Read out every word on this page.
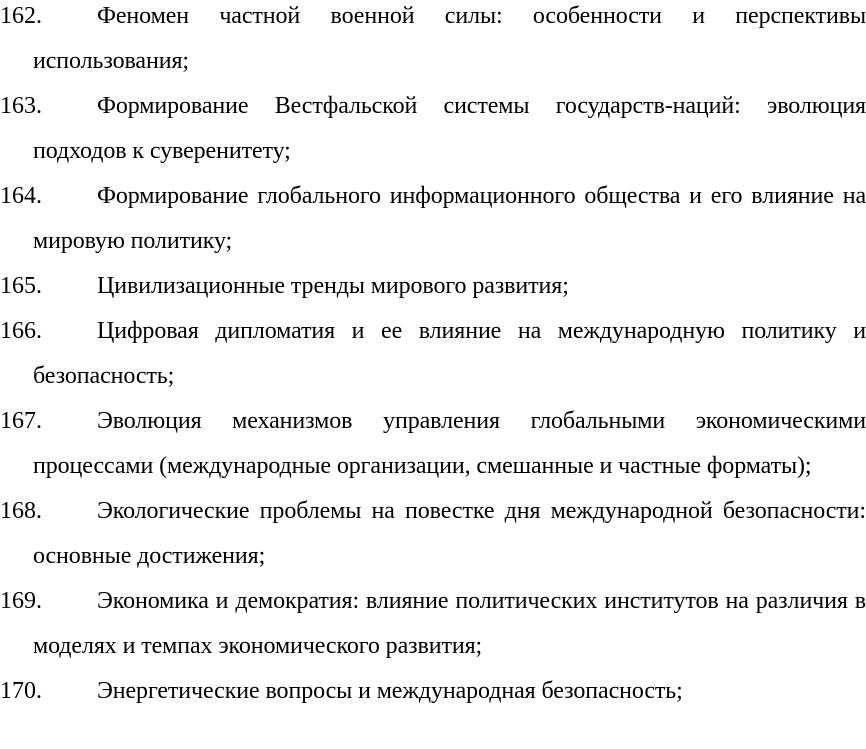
162.	Феномен частной военной силы: особенности и перспективы использования;

163.	Формирование Вестфальской системы государств-наций: эволюция подходов к суверенитету;

164.	Формирование глобального информационного общества и его влияние на мировую политику;

165.	Цивилизационные тренды мирового развития;

166.	Цифровая дипломатия и ее влияние на международную политику и безопасность;

167.	Эволюция механизмов управления глобальными экономическими процессами (международные организации, смешанные и частные форматы);

168.	Экологические проблемы на повестке дня международной безопасности: основные достижения;

169.	Экономика и демократия: влияние политических институтов на различия в моделях и темпах экономического развития;

170.	Энергетические вопросы и международная безопасность;
